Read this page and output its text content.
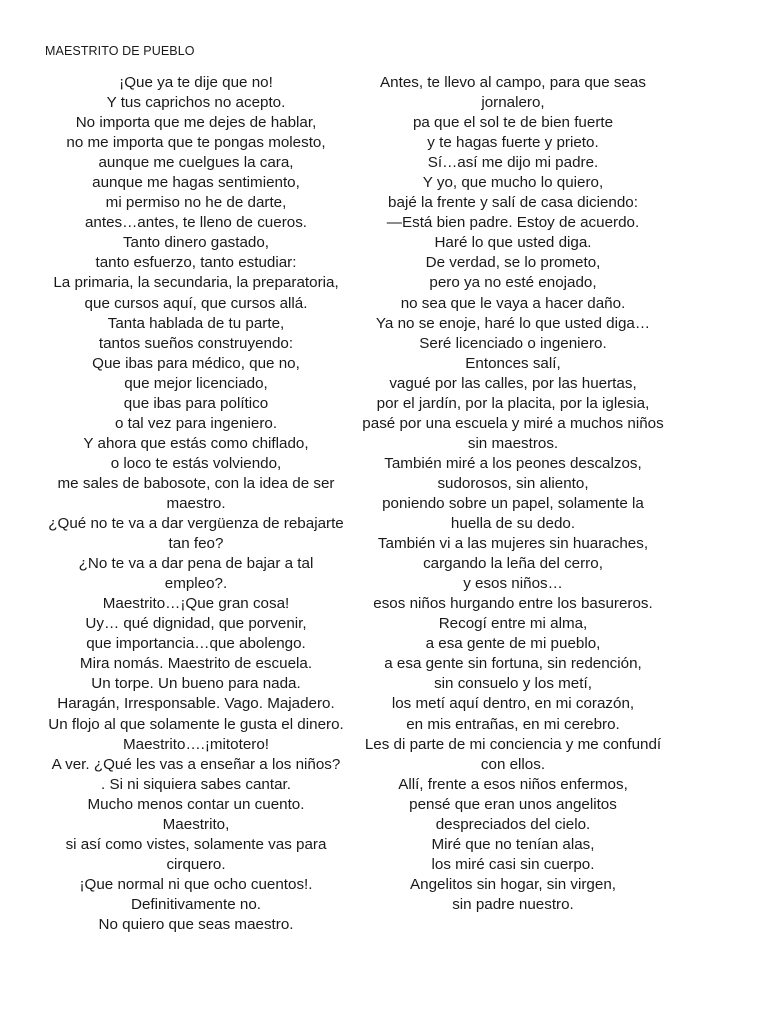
MAESTRITO DE PUEBLO
¡Que ya te dije que no!
Y tus caprichos no acepto.
No importa que me dejes de hablar,
no me importa que te pongas molesto,
aunque me cuelgues la cara,
aunque me hagas sentimiento,
mi permiso no he de darte,
antes…antes, te lleno de cueros.
Tanto dinero gastado,
tanto esfuerzo, tanto estudiar:
La primaria, la secundaria, la preparatoria,
que cursos aquí, que cursos allá.
Tanta hablada de tu parte,
tantos sueños construyendo:
Que ibas para médico, que no,
que mejor licenciado,
que ibas para político
o tal vez para ingeniero.
Y ahora que estás como chiflado,
o loco te estás volviendo,
me sales de babosote, con la idea de ser maestro.
¿Qué no te va a dar vergüenza de rebajarte tan feo?
¿No te va a dar pena de bajar a tal empleo?.
Maestrito…¡Que gran cosa!
Uy… qué dignidad, que porvenir,
que importancia…que abolengo.
Mira nomás. Maestrito de escuela.
Un torpe. Un bueno para nada.
Haragán, Irresponsable. Vago. Majadero.
Un flojo al que solamente le gusta el dinero.
Maestrito….¡mitotero!
A ver. ¿Qué les vas a enseñar a los niños?
. Si ni siquiera sabes cantar.
Mucho menos contar un cuento.
Maestrito,
si así como vistes, solamente vas para cirquero.
¡Que normal ni que ocho cuentos!.
Definitivamente no.
No quiero que seas maestro.
Antes, te llevo al campo, para que seas jornalero,
pa que el sol te de bien fuerte
y te hagas fuerte y prieto.
Sí…así me dijo mi padre.
Y yo, que mucho lo quiero,
bajé la frente y salí de casa diciendo:
—Está bien padre. Estoy de acuerdo.
Haré lo que usted diga.
De verdad, se lo prometo,
pero ya no esté enojado,
no sea que le vaya a hacer daño.
Ya no se enoje, haré lo que usted diga…
Seré licenciado o ingeniero.
Entonces salí,
vagué por las calles, por las huertas,
por el jardín, por la placita, por la iglesia,
pasé por una escuela y miré a muchos niños sin maestros.
También miré a los peones descalzos,
sudorosos, sin aliento,
poniendo sobre un papel, solamente la huella de su dedo.
También vi a las mujeres sin huaraches,
cargando la leña del cerro,
y esos niños…
esos niños hurgando entre los basureros.
Recogí entre mi alma,
a esa gente de mi pueblo,
a esa gente sin fortuna, sin redención,
sin consuelo y los metí,
los metí aquí dentro, en mi corazón,
en mis entrañas, en mi cerebro.
Les di parte de mi conciencia y me confundí con ellos.
Allí, frente a esos niños enfermos,
pensé que eran unos angelitos
despreciados del cielo.
Miré que no tenían alas,
los miré casi sin cuerpo.
Angelitos sin hogar, sin virgen,
sin padre nuestro.
